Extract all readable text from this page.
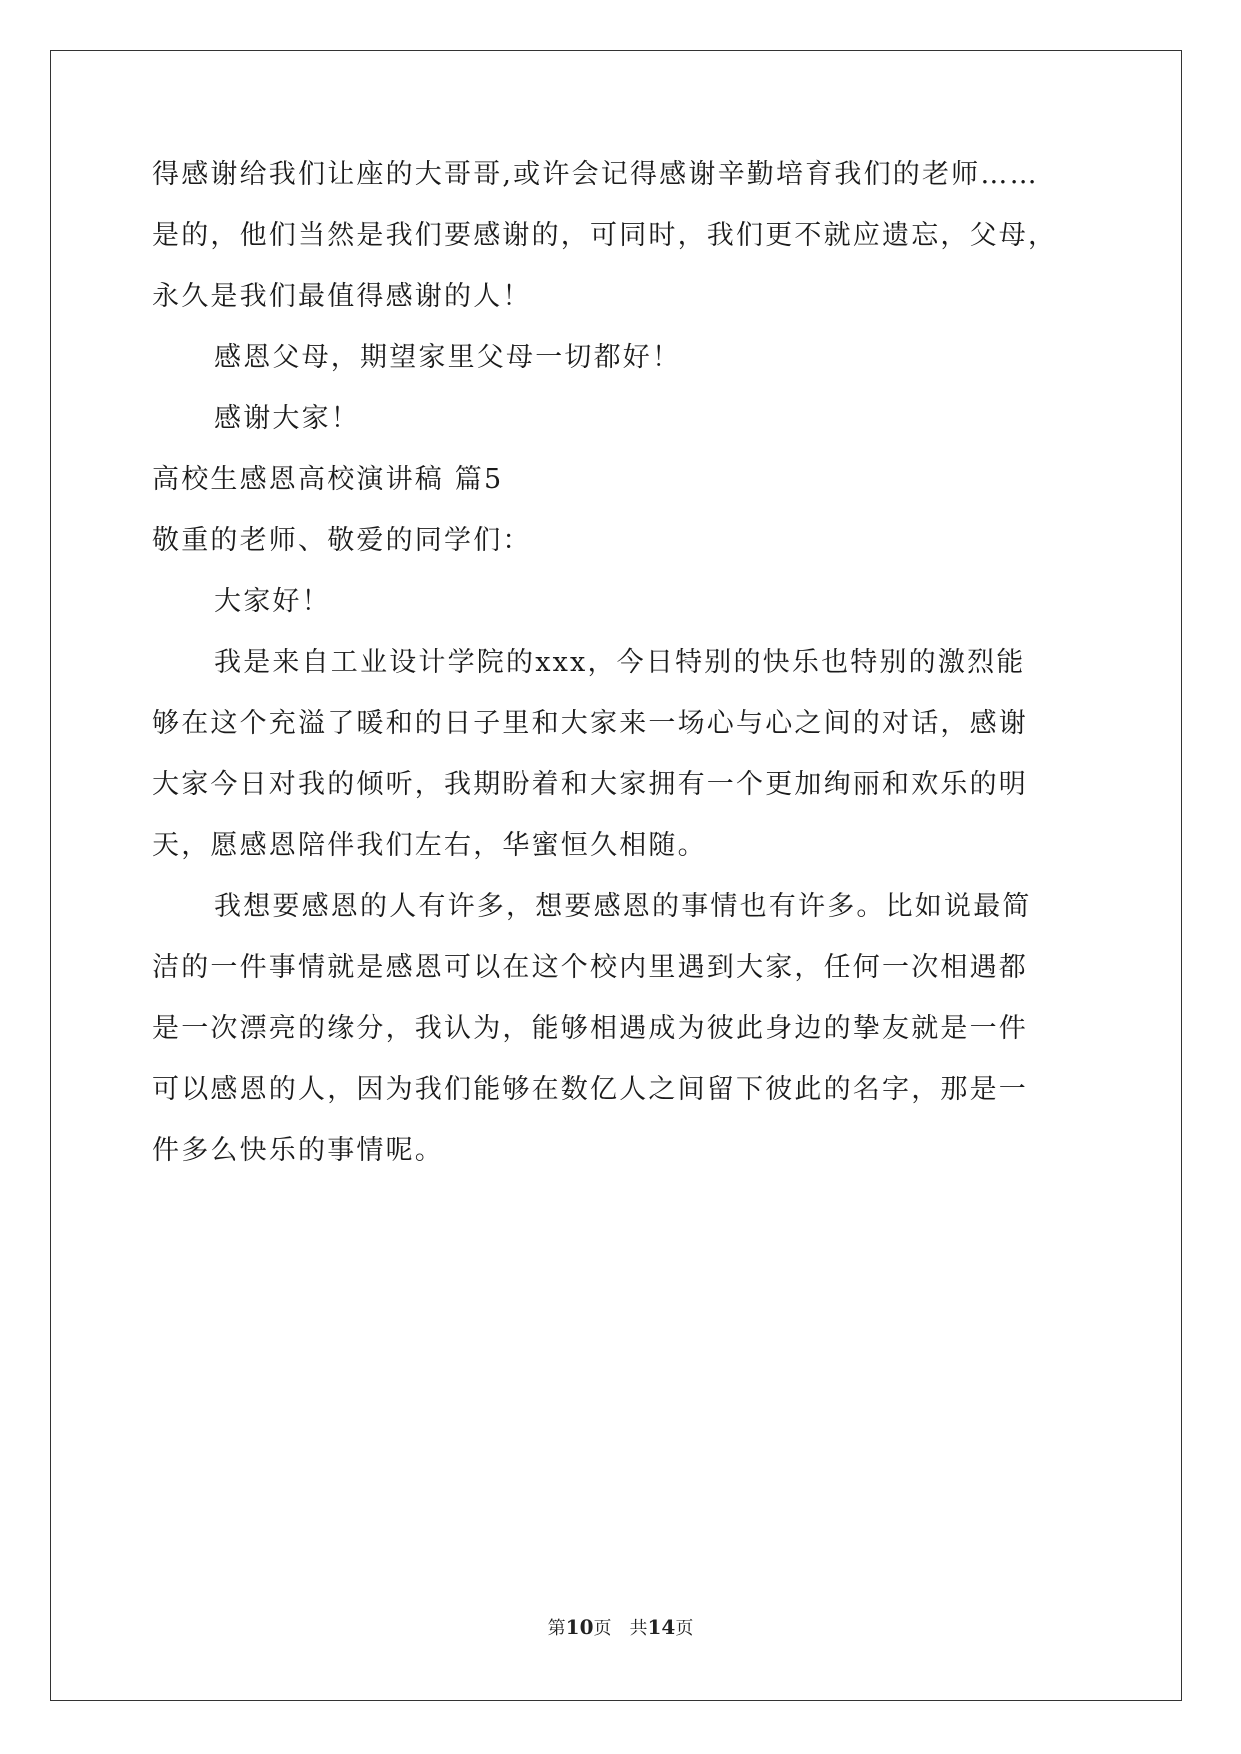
得感谢给我们让座的大哥哥,或许会记得感谢辛勤培育我们的老师……
是的，他们当然是我们要感谢的，可同时，我们更不就应遗忘，父母，
永久是我们最值得感谢的人！
感恩父母，期望家里父母一切都好！
感谢大家！
高校生感恩高校演讲稿 篇5
敬重的老师、敬爱的同学们：
大家好！
我是来自工业设计学院的xxx，今日特别的快乐也特别的激烈能
够在这个充溢了暖和的日子里和大家来一场心与心之间的对话，感谢
大家今日对我的倾听，我期盼着和大家拥有一个更加绚丽和欢乐的明
天，愿感恩陪伴我们左右，华蜜恒久相随。
我想要感恩的人有许多，想要感恩的事情也有许多。比如说最简
洁的一件事情就是感恩可以在这个校内里遇到大家，任何一次相遇都
是一次漂亮的缘分，我认为，能够相遇成为彼此身边的挚友就是一件
可以感恩的人，因为我们能够在数亿人之间留下彼此的名字，那是一
件多么快乐的事情呢。
第10页 共14页
